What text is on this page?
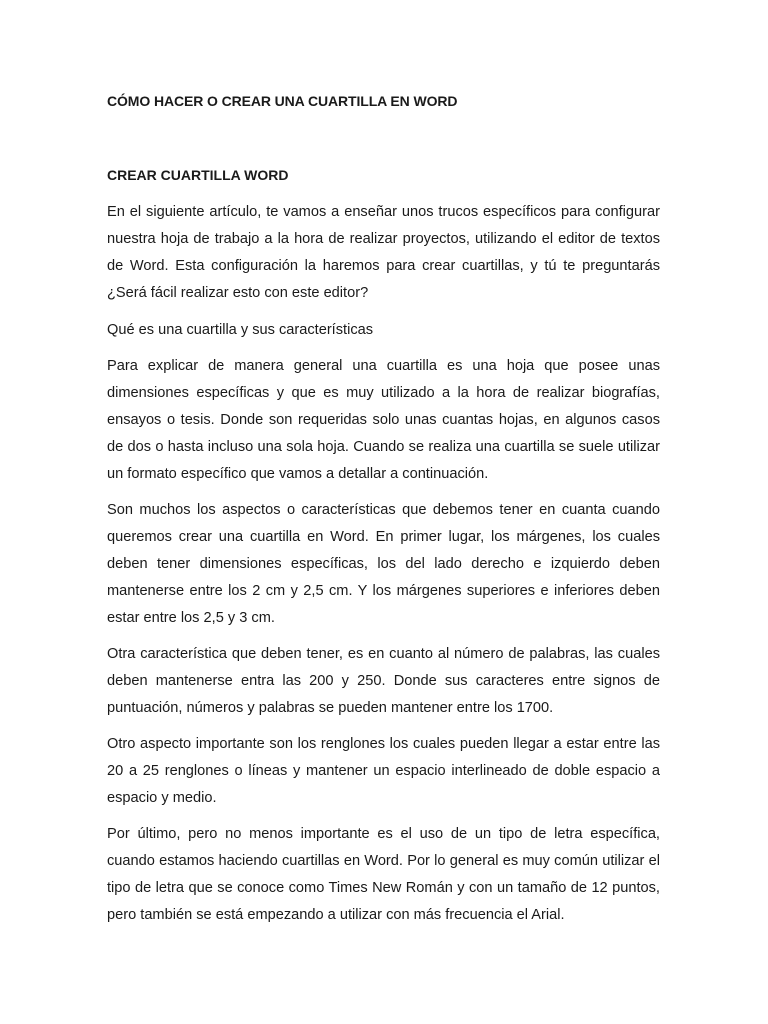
CÓMO HACER O CREAR UNA CUARTILLA EN WORD
CREAR CUARTILLA WORD

En el siguiente artículo, te vamos a enseñar unos trucos específicos para configurar nuestra hoja de trabajo a la hora de realizar proyectos, utilizando el editor de textos de Word. Esta configuración la haremos para crear cuartillas, y tú te preguntarás ¿Será fácil realizar esto con este editor?

Qué es una cuartilla y sus características

Para explicar de manera general una cuartilla es una hoja que posee unas dimensiones específicas y que es muy utilizado a la hora de realizar biografías, ensayos o tesis. Donde son requeridas solo unas cuantas hojas, en algunos casos de dos o hasta incluso una sola hoja. Cuando se realiza una cuartilla se suele utilizar un formato específico que vamos a detallar a continuación.

Son muchos los aspectos o características que debemos tener en cuanta cuando queremos crear una cuartilla en Word. En primer lugar, los márgenes, los cuales deben tener dimensiones específicas, los del lado derecho e izquierdo deben mantenerse entre los 2 cm y 2,5 cm. Y los márgenes superiores e inferiores deben estar entre los 2,5 y 3 cm.

Otra característica que deben tener, es en cuanto al número de palabras, las cuales deben mantenerse entra las 200 y 250. Donde sus caracteres entre signos de puntuación, números y palabras se pueden mantener entre los 1700.

Otro aspecto importante son los renglones los cuales pueden llegar a estar entre las 20 a 25 renglones o líneas y mantener un espacio interlineado de doble espacio a espacio y medio.

Por último, pero no menos importante es el uso de un tipo de letra específica, cuando estamos haciendo cuartillas en Word. Por lo general es muy común utilizar el tipo de letra que se conoce como Times New Román y con un tamaño de 12 puntos, pero también se está empezando a utilizar con más frecuencia el Arial.
